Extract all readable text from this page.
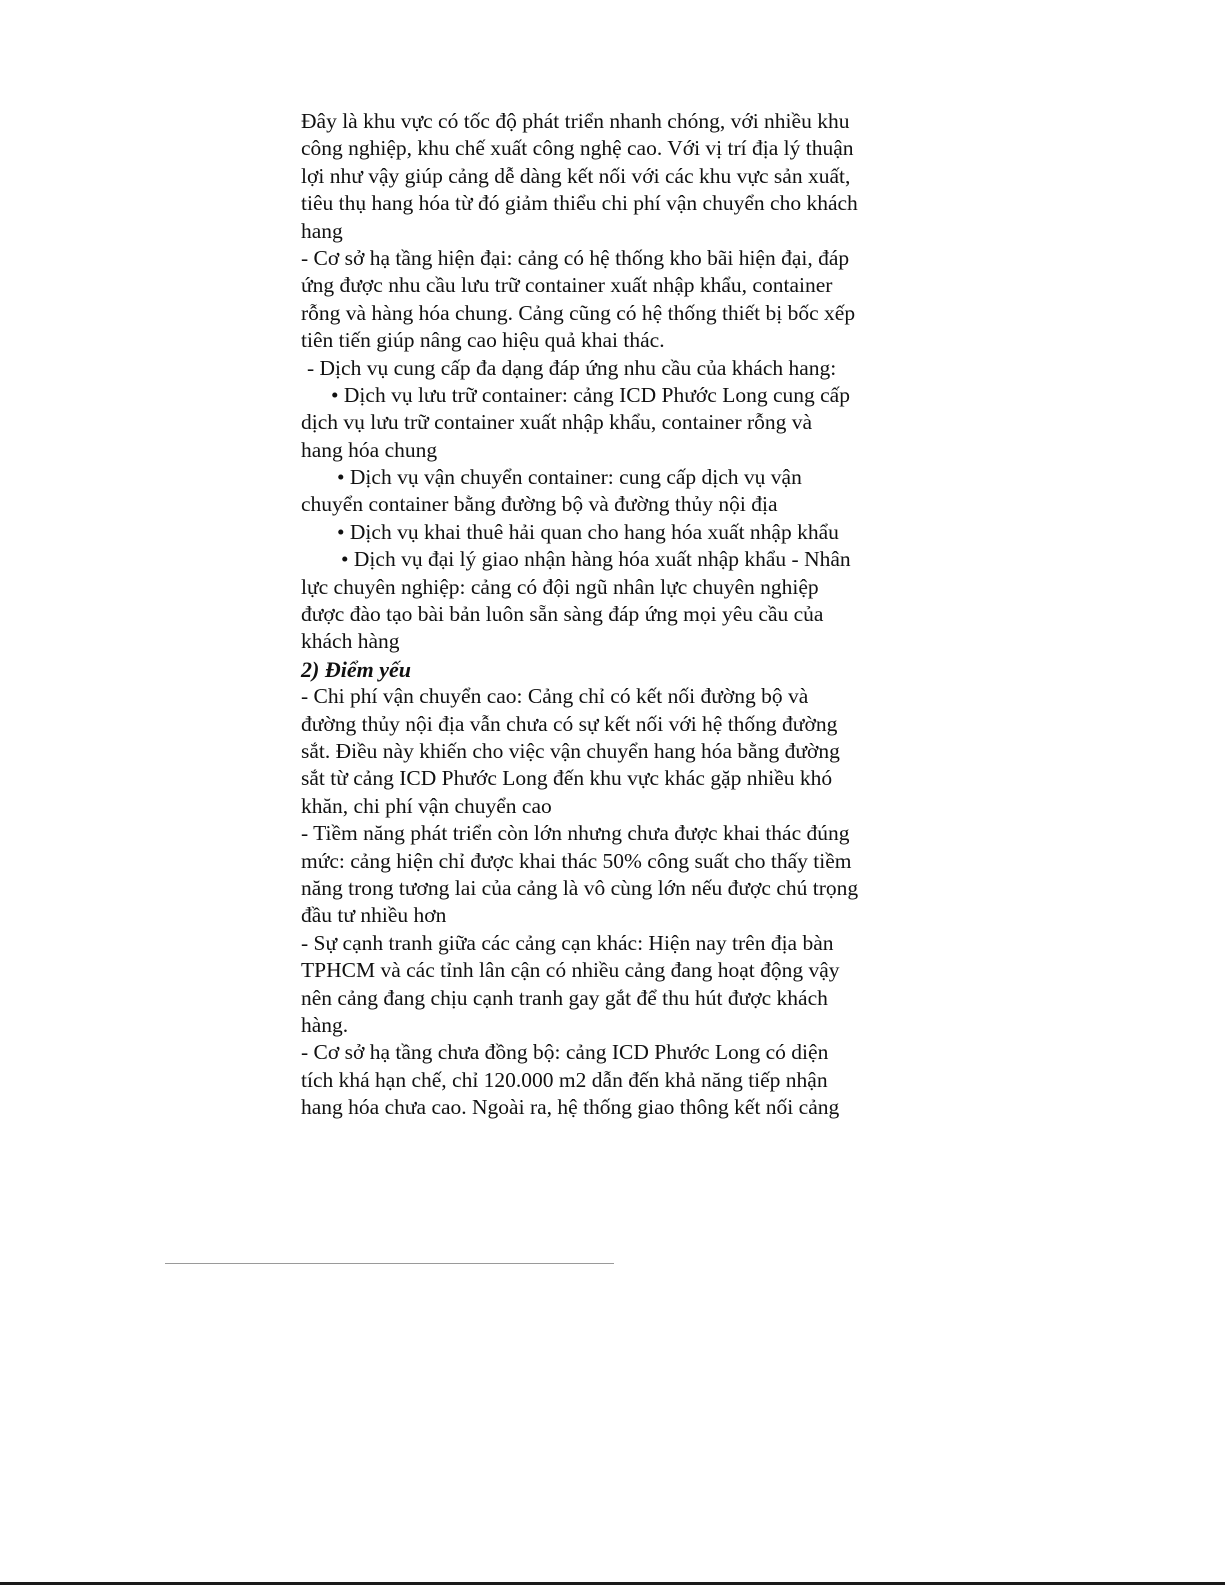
Đây là khu vực có tốc độ phát triển nhanh chóng, với nhiều khu
công nghiệp, khu chế xuất công nghệ cao. Với vị trí địa lý thuận
lợi như vậy giúp cảng dễ dàng kết nối với các khu vực sản xuất,
tiêu thụ hang hóa từ đó giảm thiểu chi phí vận chuyển cho khách
hang
- Cơ sở hạ tầng hiện đại: cảng có hệ thống kho bãi hiện đại, đáp
ứng được nhu cầu lưu trữ container xuất nhập khẩu, container
rỗng và hàng hóa chung. Cảng cũng có hệ thống thiết bị bốc xếp
tiên tiến giúp nâng cao hiệu quả khai thác.
- Dịch vụ cung cấp đa dạng đáp ứng nhu cầu của khách hang:
• Dịch vụ lưu trữ container: cảng ICD Phước Long cung cấp
dịch vụ lưu trữ container xuất nhập khẩu, container rỗng và
hang hóa chung
• Dịch vụ vận chuyển container: cung cấp dịch vụ vận
chuyển container bằng đường bộ và đường thủy nội địa
• Dịch vụ khai thuê hải quan cho hang hóa xuất nhập khẩu
• Dịch vụ đại lý giao nhận hàng hóa xuất nhập khẩu - Nhân
lực chuyên nghiệp: cảng có đội ngũ nhân lực chuyên nghiệp
được đào tạo bài bản luôn sẵn sàng đáp ứng mọi yêu cầu của
khách hàng
2) Điểm yếu
- Chi phí vận chuyển cao: Cảng chỉ có kết nối đường bộ và
đường thủy nội địa vẫn chưa có sự kết nối với hệ thống đường
sắt. Điều này khiến cho việc vận chuyển hang hóa bằng đường
sắt từ cảng ICD Phước Long đến khu vực khác gặp nhiều khó
khăn, chi phí vận chuyển cao
- Tiềm năng phát triển còn lớn nhưng chưa được khai thác đúng
mức: cảng hiện chỉ được khai thác 50% công suất cho thấy tiềm
năng trong tương lai của cảng là vô cùng lớn nếu được chú trọng
đầu tư nhiều hơn
- Sự cạnh tranh giữa các cảng cạn khác: Hiện nay trên địa bàn
TPHCM và các tỉnh lân cận có nhiều cảng đang hoạt động vậy
nên cảng đang chịu cạnh tranh gay gắt để thu hút được khách
hàng.
- Cơ sở hạ tầng chưa đồng bộ: cảng ICD Phước Long có diện
tích khá hạn chế, chỉ 120.000 m2 dẫn đến khả năng tiếp nhận
hang hóa chưa cao. Ngoài ra, hệ thống giao thông kết nối cảng
